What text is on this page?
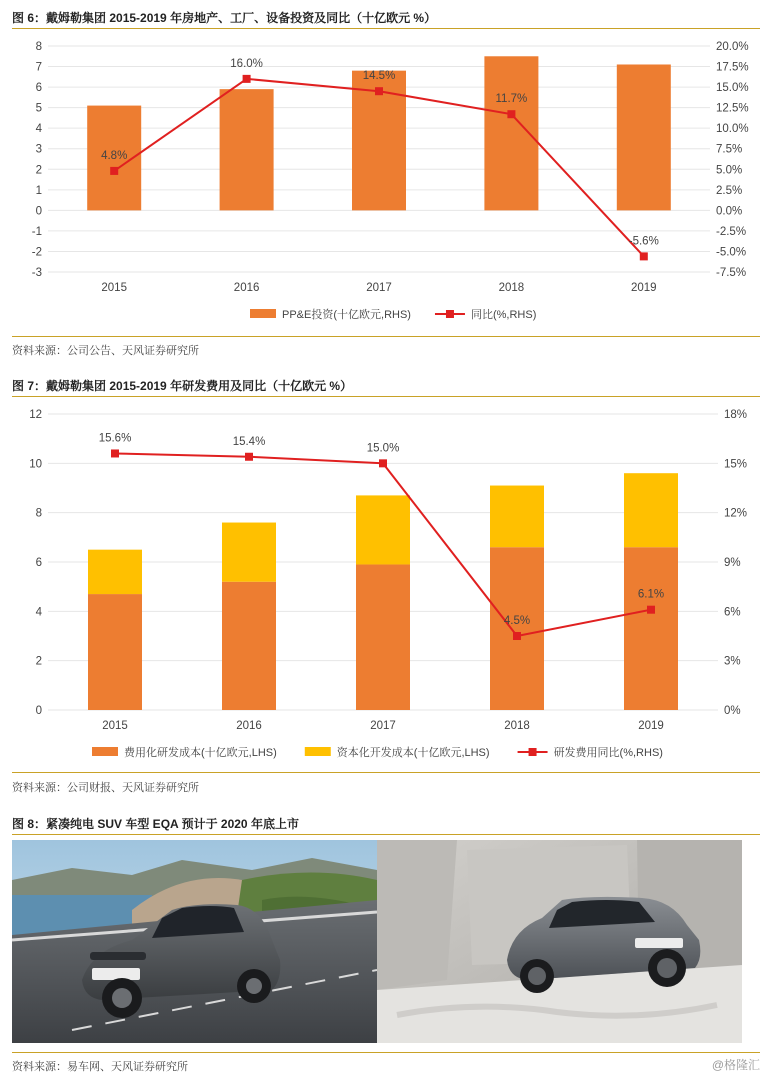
图 6：戴姆勒集团 2015-2019 年房地产、工厂、设备投资及同比（十亿欧元 %）
8
7
6
5
4
3
2
1
0
-1
-2
-3
20.0%
17.5%
15.0%
12.5%
10.0%
7.5%
5.0%
2.5%
0.0%
-2.5%
-5.0%
-7.5%
2015	2016	2017	2018	2019
4.8%
16.0%
14.5%
11.7%
-5.6%
PP&E投资(十亿欧元,RHS)	同比(%,RHS)
资料来源：公司公告、天风证券研究所
图 7：戴姆勒集团 2015-2019 年研发费用及同比（十亿欧元 %）
12
10
8
6
4
2
0
18%
15%
12%
9%
6%
3%
0%
2015	2016	2017	2018	2019
15.6%	15.4%
15.0%
4.5%
6.1%
费用化研发成本(十亿欧元,LHS)	资本化开发成本(十亿欧元,LHS)	研发费用同比(%,RHS)
资料来源：公司财报、天风证券研究所
图 8：紧凑纯电 SUV 车型 EQA 预计于 2020 年底上市
资料来源：易车网、天风证券研究所	@格隆汇
